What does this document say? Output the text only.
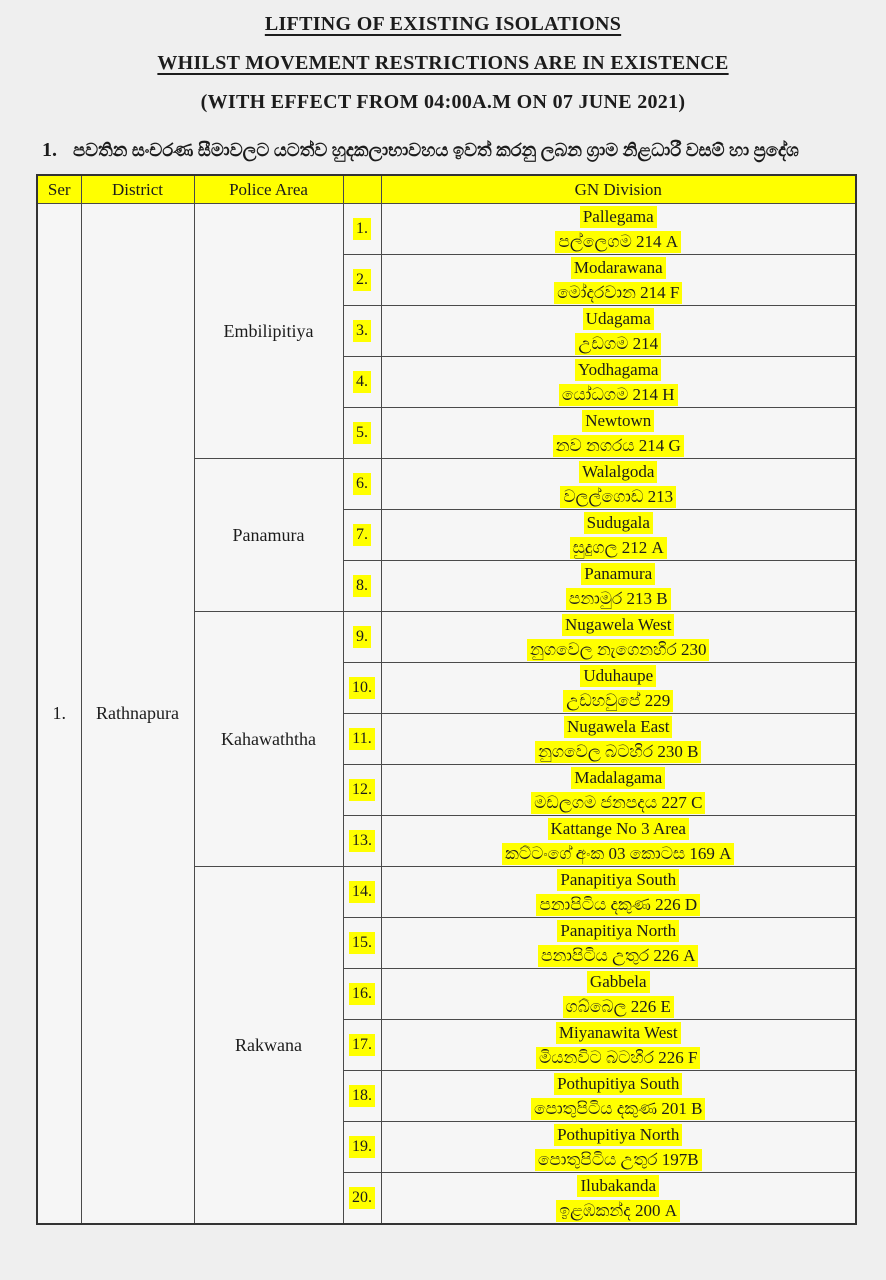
LIFTING OF EXISTING ISOLATIONS
WHILST MOVEMENT RESTRICTIONS ARE IN EXISTENCE
(WITH EFFECT FROM 04:00A.M ON 07 JUNE 2021)
1. පවතින සංචරණ සීමාවලට යටත්ව හුදකලාභාවහය ඉවත් කරනු ලබන ග්‍රාම නිළධාරී වසම් හා ප්‍රදේශ
Ser	District	Police Area		GN Division
1.	Rathnapura	Embilipitiya	1.	Pallegama
පල්ලෙගම 214 A

			2.	Modarawana
මෝදරවාන 214 F

			3.	Udagama
උඩගම 214

			4.	Yodhagama
යෝධගම 214 H

			5.	Newtown
නව නගරය 214 G

		Panamura	6.	Walalgoda
වලල්ගොඩ 213

			7.	Sudugala
සුදුගල 212 A

			8.	Panamura
පනාමුර 213 B

		Kahawaththa	9.	Nugawela West
නුගවෙල නැගෙනහිර 230

			10.	Uduhaupe
උඩහවුපේ 229

			11.	Nugawela East
නුගවෙල බටහිර 230 B

			12.	Madalagama
මඩලගම ජනපදය 227 C

			13.	Kattange No 3 Area
කට්ටංගේ අංක 03 කොටස 169 A

		Rakwana	14.	Panapitiya South
පනාපිටිය දකුණ 226 D

			15.	Panapitiya North
පනාපිටිය උතුර 226 A

			16.	Gabbela
ගබ්බෙල 226 E

			17.	Miyanawita West
මියනවිට බටහිර 226 F

			18.	Pothupitiya South
පොතුපිටිය දකුණ 201 B

			19.	Pothupitiya North
පොතුපිටිය උතුර 197B

			20.	Ilubakanda
ඉළඹකන්ද 200 A
